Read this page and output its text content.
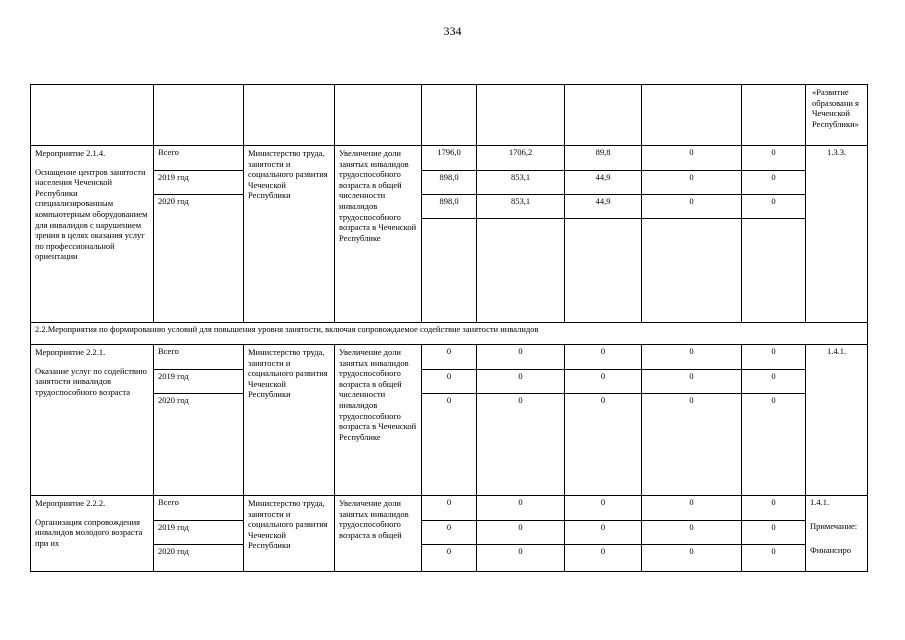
334
«Развитие образовани я Чеченской Республики»
Мероприятие 2.1.4.
Оснащение центров занятости населения Чеченской Республики специализированным компьютерным оборудованием для инвалидов с нарушением зрения в целях оказания услуг по профессиональной ориентации
Всего
2019 год
2020 год
Министерство труда, занятости и социального развития Чеченской Республики
Увеличение доли занятых инвалидов трудоспособного возраста в общей численности инвалидов трудоспособного возраста в Чеченской Республике
1796,0
898,0
898,0
1706,2
853,1
853,1
89,8
44,9
44,9
0
0
0
0
0
0
1.3.3.
2.2.Мероприятия по формированию условий для повышения уровня занятости, включая сопровождаемое содействие занятости инвалидов
Мероприятие 2.2.1.
Оказание услуг по содействию занятости инвалидов трудоспособного возраста
Всего
2019 год
2020 год
Министерство труда, занятости и социального развития Чеченской Республики
Увеличение доли занятых инвалидов трудоспособного возраста в общей численности инвалидов трудоспособного возраста в Чеченской Республике
0
0
0
0
0
0
0
0
0
0
0
0
0
0
0
1.4.1.
Мероприятие 2.2.2.
Организация сопровождения инвалидов молодого возраста при их
Всего
2019 год
2020 год
Министерство труда, занятости и социального развития Чеченской Республики
Увеличение доли занятых инвалидов трудоспособного возраста в общей
0
0
0
0
0
0
0
0
0
0
0
0
0
0
0
1.4.1.
Примечание:
Финансиро
